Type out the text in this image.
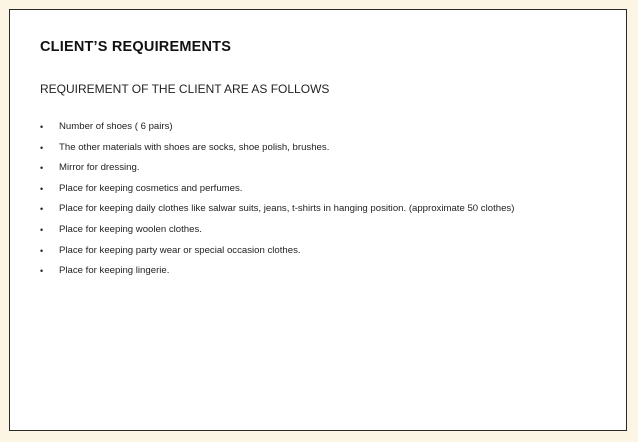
CLIENT’S REQUIREMENTS

REQUIREMENT OF THE CLIENT ARE AS FOLLOWS

• Number of shoes ( 6 pairs)
• The other materials with shoes are socks, shoe polish, brushes.
• Mirror for dressing.
• Place for keeping cosmetics and perfumes.
• Place for keeping daily clothes like salwar suits, jeans, t-shirts in hanging position. (approximate 50 clothes)
• Place for keeping woolen clothes.
• Place for keeping party wear or special occasion clothes.
• Place for keeping lingerie.
